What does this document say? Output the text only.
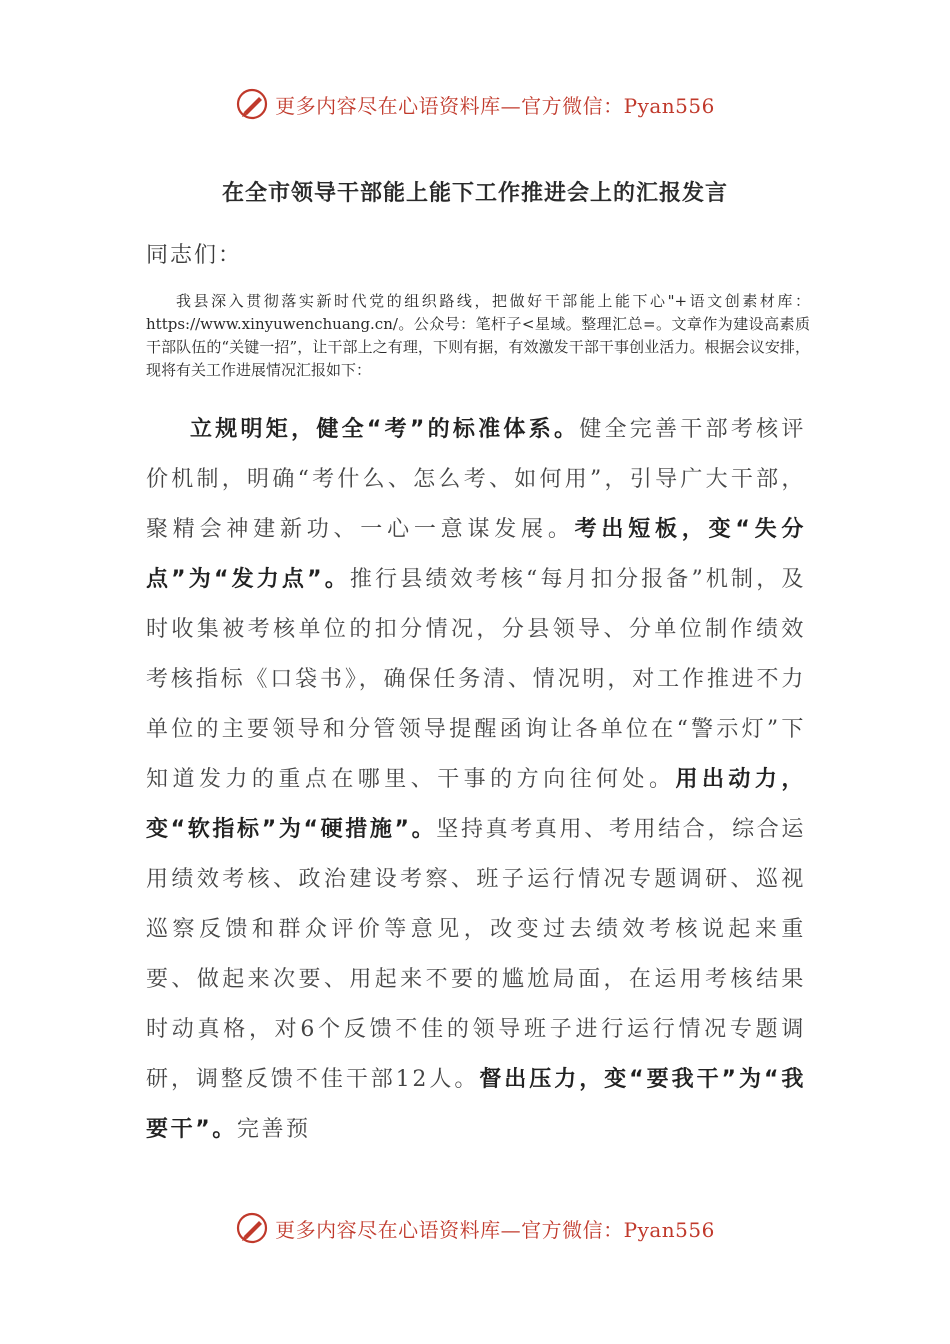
更多内容尽在心语资料库—官方微信：Pyan556
在全市领导干部能上能下工作推进会上的汇报发言
同志们：
我县深入贯彻落实新时代党的组织路线，把做好干部能上能下心"+语文创素材库：https://www.xinyuwenchuang.cn/。公众号：笔杆子<星域。整理汇总=。文章作为建设高素质干部队伍的“关键一招”，让干部上之有理，下则有据，有效激发干部干事创业活力。根据会议安排，现将有关工作进展情况汇报如下：
立规明矩，健全“考”的标准体系。健全完善干部考核评价机制，明确“考什么、怎么考、如何用”，引导广大干部，聚精会神建新功、一心一意谋发展。考出短板，变“失分点”为“发力点”。推行县绩效考核“每月扣分报备”机制，及时收集被考核单位的扣分情况，分县领导、分单位制作绩效考核指标《口袋书》，确保任务清、情况明，对工作推进不力单位的主要领导和分管领导提醒函询让各单位在“警示灯”下知道发力的重点在哪里、干事的方向往何处。用出动力，变“软指标”为“硬措施”。坚持真考真用、考用结合，综合运用绩效考核、政治建设考察、班子运行情况专题调研、巡视巡察反馈和群众评价等意见，改变过去绩效考核说起来重要、做起来次要、用起来不要的尴尬局面，在运用考核结果时动真格，对6个反馈不佳的领导班子进行运行情况专题调研，调整反馈不佳干部12人。督出压力，变“要我干”为“我要干”。完善预
更多内容尽在心语资料库—官方微信：Pyan556
